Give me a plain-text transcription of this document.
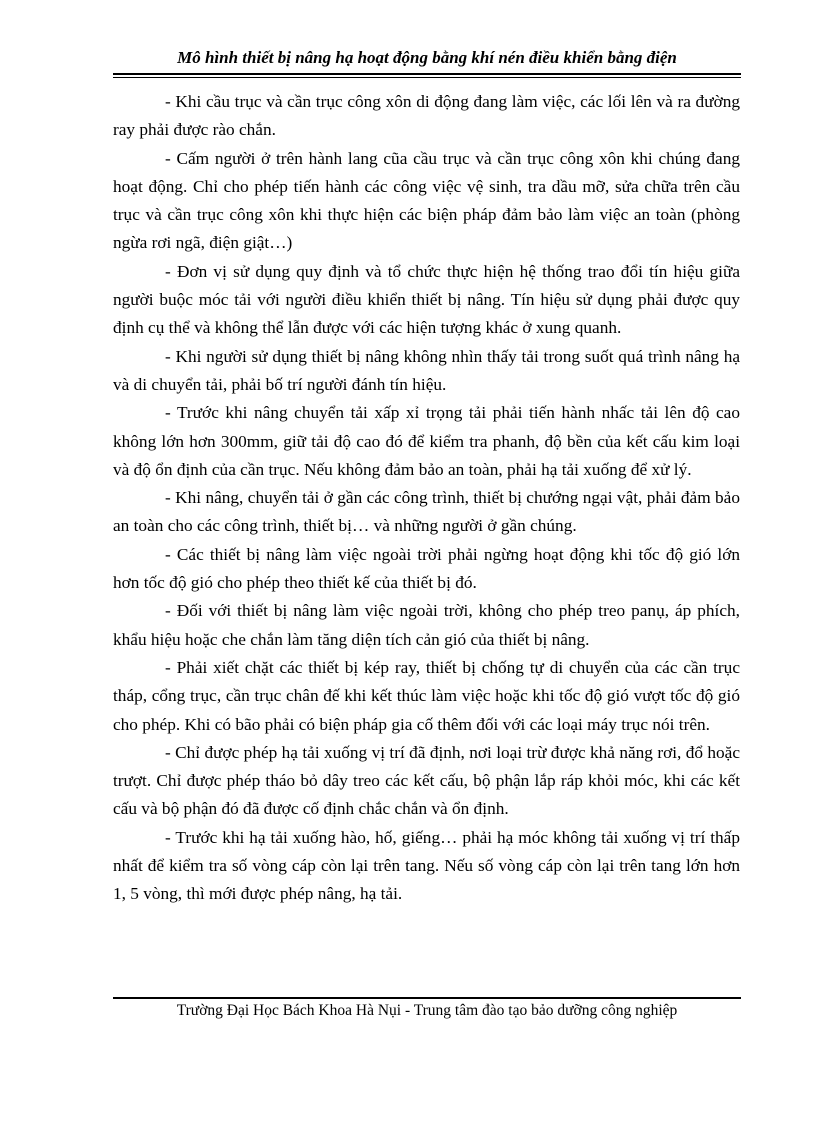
Mô hình thiết bị nâng hạ hoạt động bằng khí nén điều khiển bằng điện

- Khi cầu trục và cần trục công xôn di động đang làm việc, các lối lên và ra đường ray phải được rào chắn.

- Cấm người ở trên hành lang cũa cầu trục và cần trục công xôn khi chúng đang hoạt động. Chỉ cho phép tiến hành các công việc vệ sinh, tra dầu mỡ, sửa chữa trên cầu trục và cần trục công xôn khi thực hiện các biện pháp đảm bảo làm việc an toàn (phòng ngừa rơi ngã, điện giật…)

- Đơn vị sử dụng quy định và tổ chức thực hiện hệ thống trao đổi tín hiệu giữa người buộc móc tải với người điều khiển thiết bị nâng. Tín hiệu sử dụng phải được quy định cụ thể và không thể lẫn được với các hiện tượng khác ở xung quanh.

- Khi người sử dụng thiết bị nâng không nhìn thấy tải trong suốt quá trình nâng hạ và di chuyển tải, phải bố trí người đánh tín hiệu.

- Trước khi nâng chuyển tải xấp xỉ trọng tải phải tiến hành nhấc tải lên độ cao không lớn hơn 300mm, giữ tải độ cao đó để kiểm tra phanh, độ bền của kết cấu kim loại và độ ổn định của cần trục. Nếu không đảm bảo an toàn, phải hạ tải xuống để xử lý.

- Khi nâng, chuyển tải ở gần các công trình, thiết bị chướng ngại vật, phải đảm bảo an toàn cho các công trình, thiết bị… và những người ở gần chúng.

- Các thiết bị nâng làm việc ngoài trời phải ngừng hoạt động khi tốc độ gió lớn hơn tốc độ gió cho phép theo thiết kế của thiết bị đó.

- Đối với thiết bị nâng làm việc ngoài trời, không cho phép treo panụ, áp phích, khẩu hiệu hoặc che chắn làm tăng diện tích cản gió của thiết bị nâng.

- Phải xiết chặt các thiết bị kép ray, thiết bị chống tự di chuyển của các cần trục tháp, cổng trục, cần trục chân đế khi kết thúc làm việc hoặc khi tốc độ gió vượt tốc độ gió cho phép. Khi có bão phải có biện pháp gia cố thêm đối với các loại máy trục nói trên.

- Chỉ được phép hạ tải xuống vị trí đã định, nơi loại trừ được khả năng rơi, đổ hoặc trượt. Chỉ được phép tháo bỏ dây treo các kết cấu, bộ phận lắp ráp khỏi móc, khi các kết cấu và bộ phận đó đã được cố định chắc chắn và ổn định.

- Trước khi hạ tải xuống hào, hố, giếng… phải hạ móc không tải xuống vị trí thấp nhất để kiểm tra số vòng cáp còn lại trên tang. Nếu số vòng cáp còn lại trên tang lớn hơn 1, 5 vòng, thì mới được phép nâng, hạ tải.

Trường Đại Học Bách Khoa Hà Nụi - Trung tâm đào tạo bảo dưỡng công nghiệp
